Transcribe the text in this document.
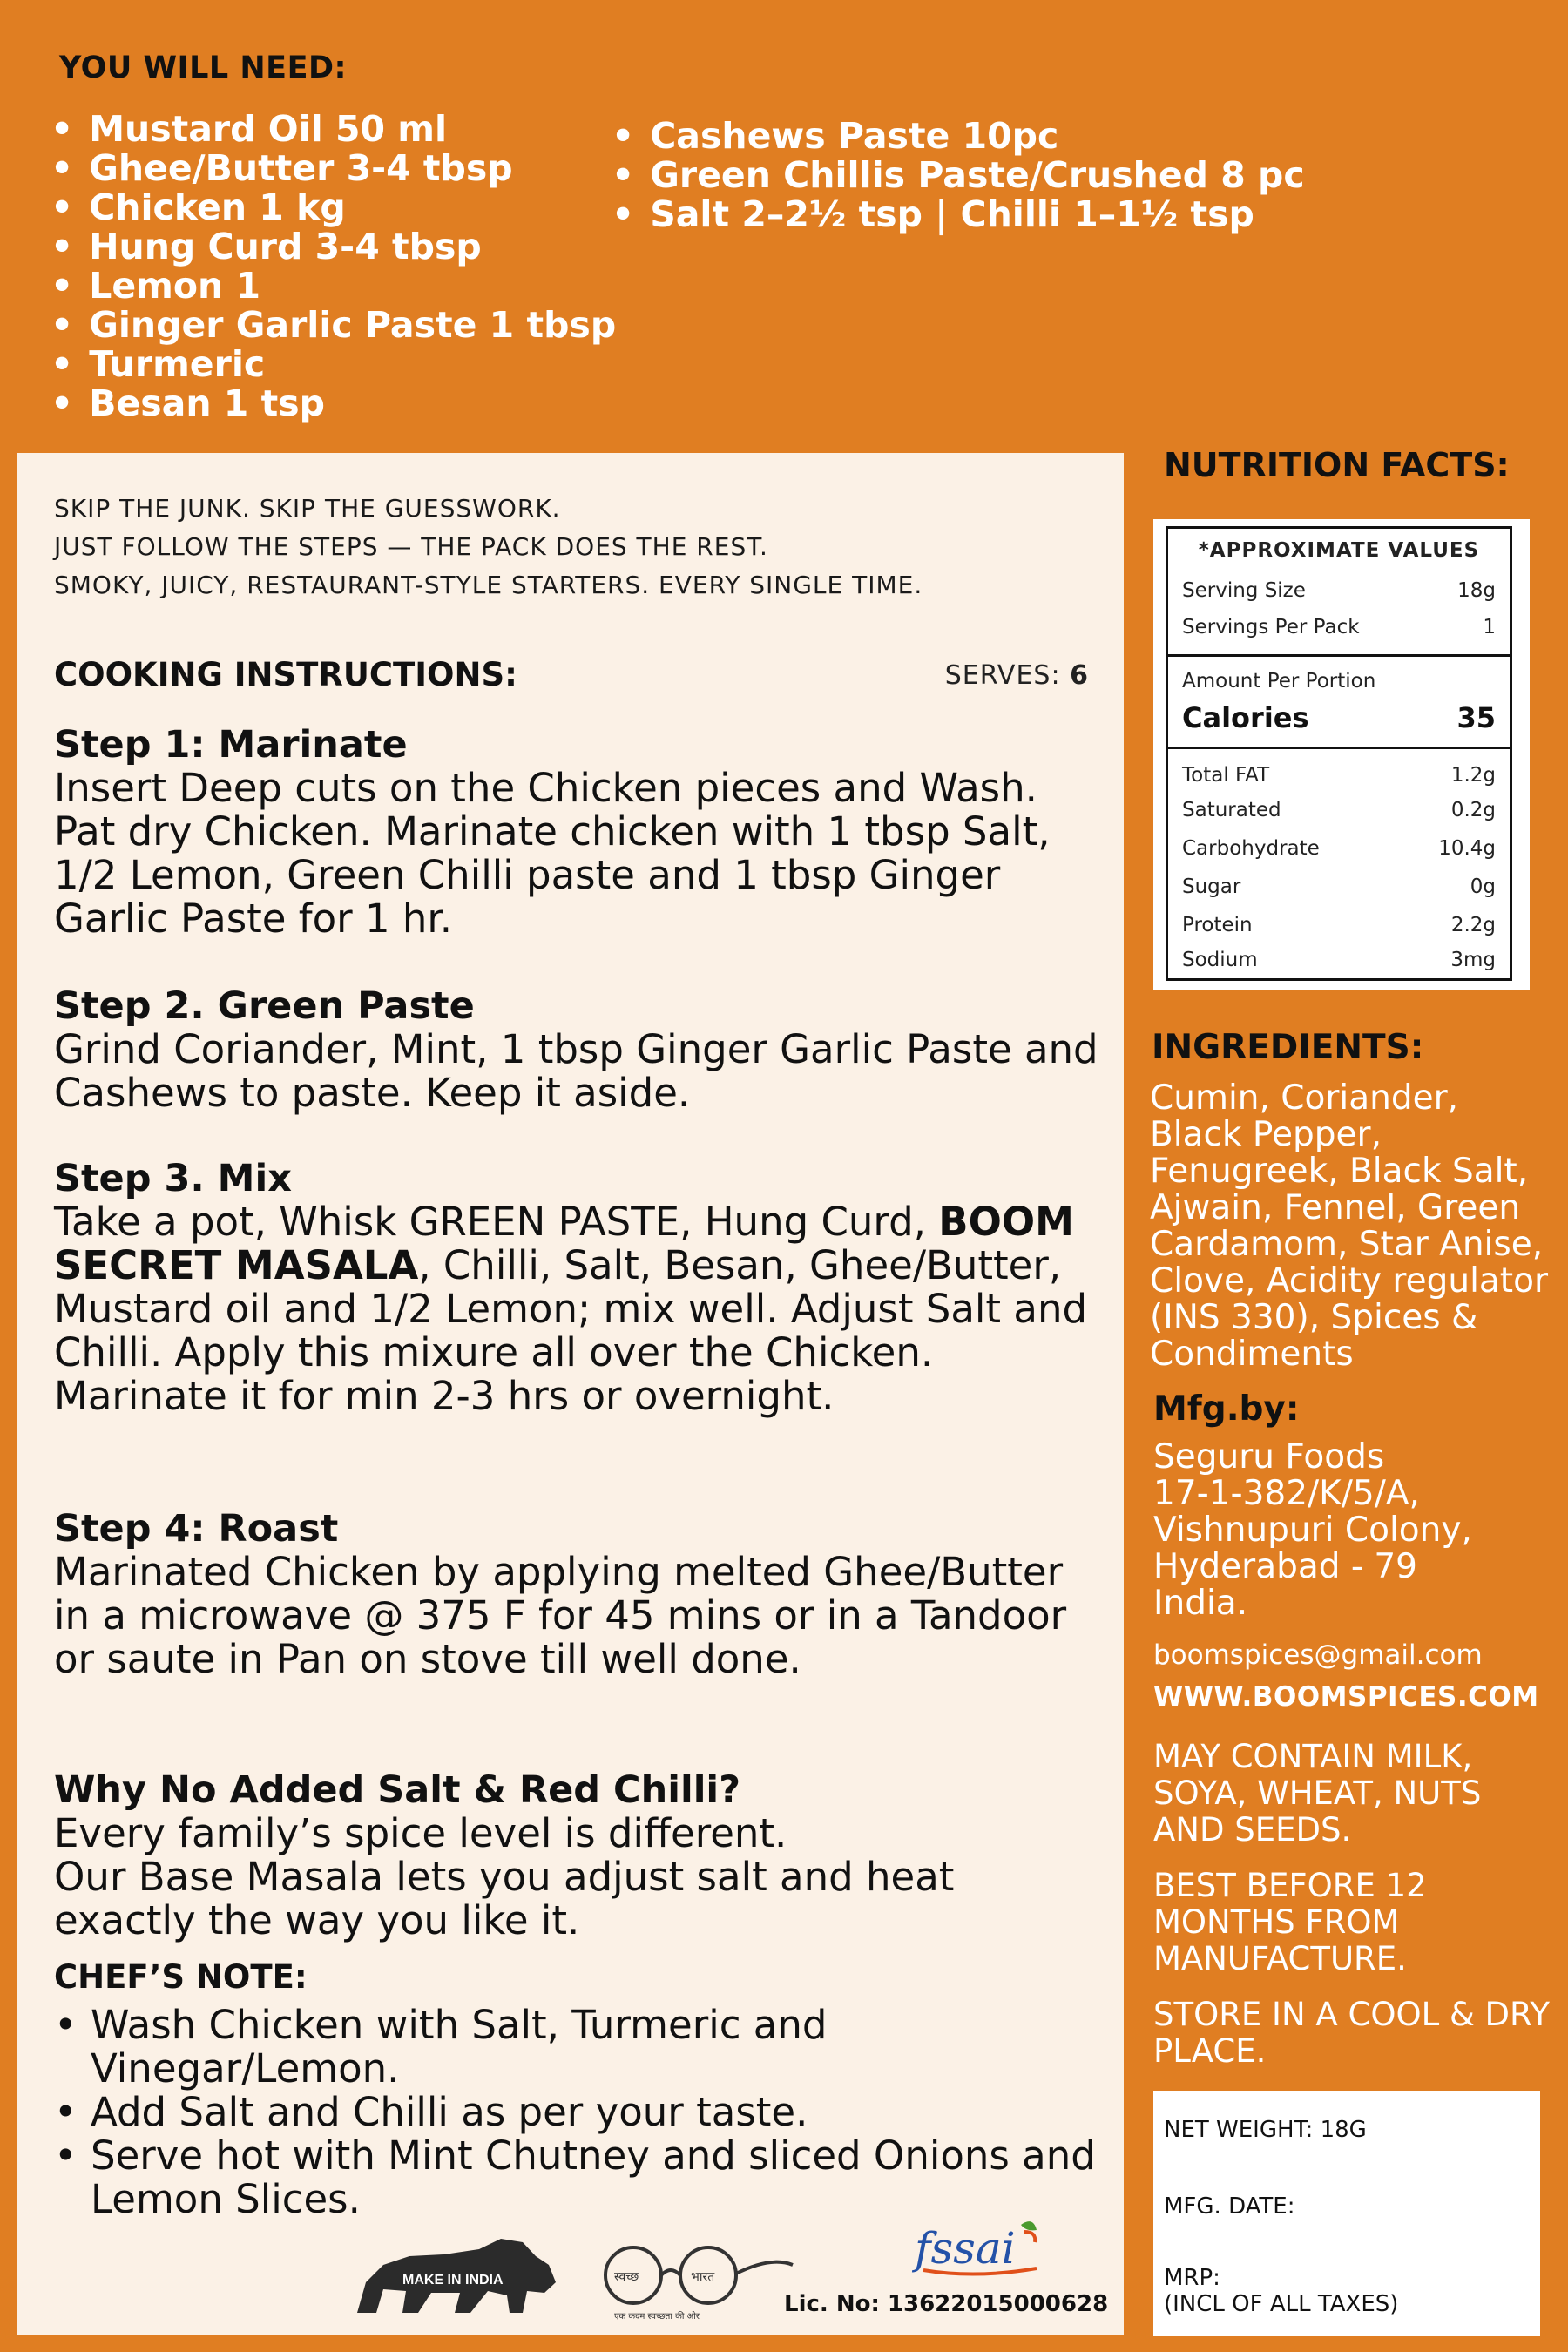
YOU WILL NEED:
• Mustard Oil 50 ml
• Ghee/Butter 3-4 tbsp
• Chicken 1 kg
• Hung Curd 3-4 tbsp
• Lemon 1
• Ginger Garlic Paste 1 tbsp
• Turmeric
• Besan 1 tsp
• Cashews Paste 10pc
• Green Chillis Paste/Crushed 8 pc
• Salt 2–2½ tsp | Chilli 1–1½ tsp
SKIP THE JUNK. SKIP THE GUESSWORK.
JUST FOLLOW THE STEPS — THE PACK DOES THE REST.
SMOKY, JUICY, RESTAURANT-STYLE STARTERS. EVERY SINGLE TIME.
COOKING INSTRUCTIONS:	SERVES: 6
Step 1: Marinate

Insert Deep cuts on the Chicken pieces and Wash. Pat dry Chicken. Marinate chicken with 1 tbsp Salt, 1/2 Lemon, Green Chilli paste and 1 tbsp Ginger Garlic Paste for 1 hr.

Step 2. Green Paste

Grind Coriander, Mint, 1 tbsp Ginger Garlic Paste and Cashews to paste. Keep it aside.

Step 3. Mix

Take a pot, Whisk GREEN PASTE, Hung Curd, BOOM SECRET MASALA, Chilli, Salt, Besan, Ghee/Butter, Mustard oil and 1/2 Lemon; mix well. Adjust Salt and Chilli. Apply this mixure all over the Chicken. Marinate it for min 2-3 hrs or overnight.

Step 4: Roast

Marinated Chicken by applying melted Ghee/Butter in a microwave @ 375 F for 45 mins or in a Tandoor or saute in Pan on stove till well done.

Why No Added Salt & Red Chilli?

Every family’s spice level is different.

Our Base Masala lets you adjust salt and heat exactly the way you like it.

CHEF’S NOTE:
• Wash Chicken with Salt, Turmeric and Vinegar/Lemon.
• Add Salt and Chilli as per your taste.
• Serve hot with Mint Chutney and sliced Onions and Lemon Slices.
MAKE IN INDIA	स्वच्छ	भारत
एक कदम स्वच्छता की ओर
fssai
Lic. No: 13622015000628
NUTRITION FACTS:
*APPROXIMATE VALUES
Serving Size	18g
Servings Per Pack	1
Amount Per Portion
Calories	35
Total FAT	1.2g
Saturated	0.2g
Carbohydrate	10.4g
Sugar	0g
Protein	2.2g
Sodium	3mg
INGREDIENTS:
Cumin, Coriander, Black Pepper, Fenugreek, Black Salt, Ajwain, Fennel, Green Cardamom, Star Anise, Clove, Acidity regulator (INS 330), Spices & Condiments
Mfg.by:
Seguru Foods
17-1-382/K/5/A,
Vishnupuri Colony,
Hyderabad - 79
India.
boomspices@gmail.com
WWW.BOOMSPICES.COM
MAY CONTAIN MILK, SOYA, WHEAT, NUTS AND SEEDS.
BEST BEFORE 12 MONTHS FROM MANUFACTURE.
STORE IN A COOL & DRY PLACE.
NET WEIGHT: 18G
MFG. DATE:
MRP:
(INCL OF ALL TAXES)
